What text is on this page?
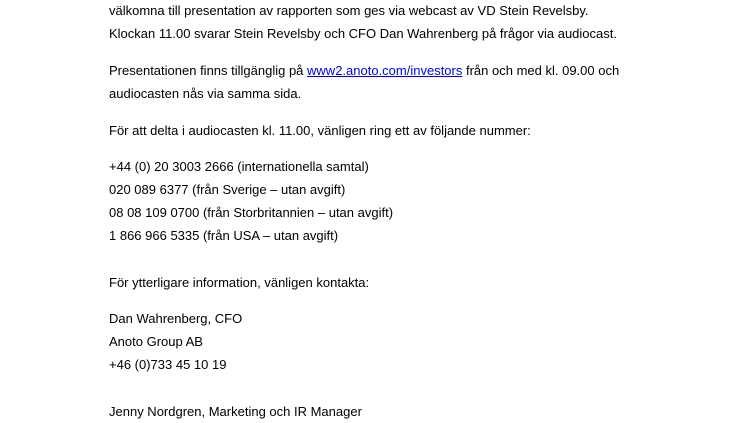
välkomna till presentation av rapporten som ges via webcast av VD Stein Revelsby.
Klockan 11.00 svarar Stein Revelsby och CFO Dan Wahrenberg på frågor via audiocast.
Presentationen finns tillgänglig på www2.anoto.com/investors från och med kl. 09.00 och
audiocasten nås via samma sida.
För att delta i audiocasten kl. 11.00, vänligen ring ett av följande nummer:
+44 (0) 20 3003 2666 (internationella samtal)
020 089 6377 (från Sverige – utan avgift)
08 08 109 0700 (från Storbritannien – utan avgift)
1 866 966 5335 (från USA – utan avgift)
För ytterligare information, vänligen kontakta:
Dan Wahrenberg, CFO
Anoto Group AB
+46 (0)733 45 10 19
Jenny Nordgren, Marketing och IR Manager
